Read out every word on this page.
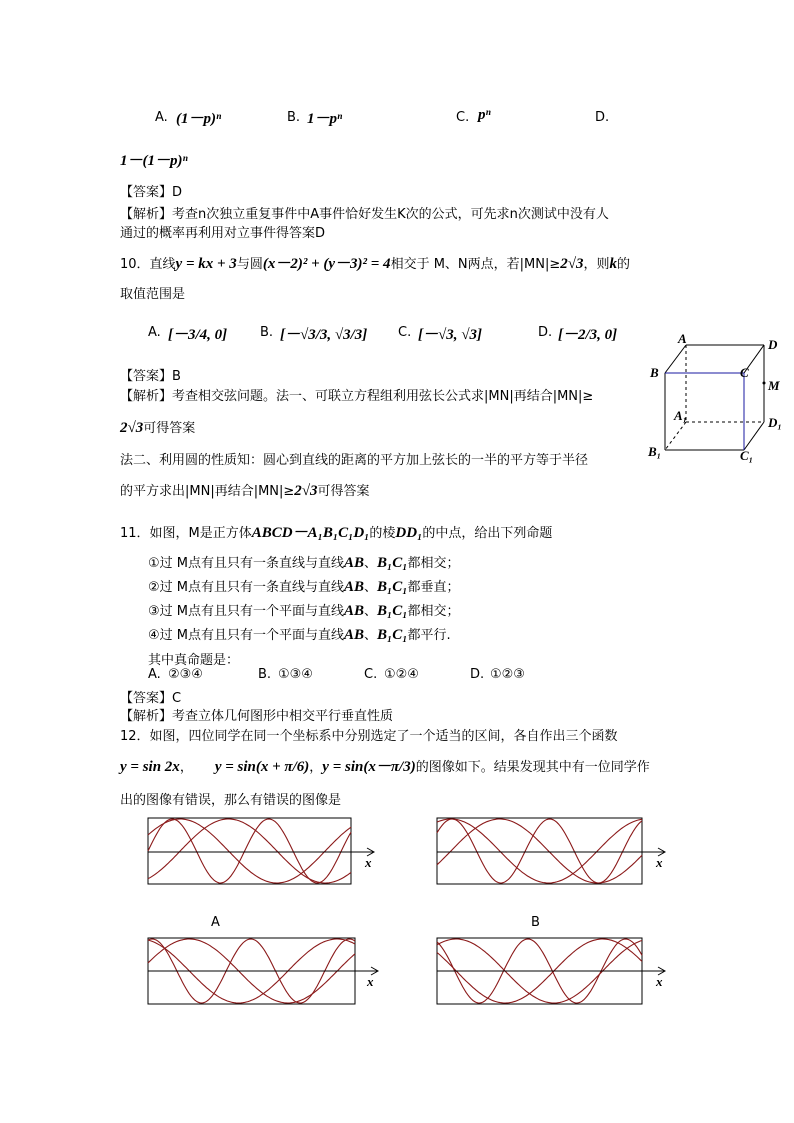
A. (1－p)ⁿ	B. 1－pⁿ	C. pⁿ	D.
1－(1－p)ⁿ
【答案】D
【解析】考查n次独立重复事件中A事件恰好发生K次的公式，可先求n次测试中没有人
通过的概率再利用对立事件得答案D
10．直线y = kx + 3与圆(x－2)² + (y－3)² = 4相交于 M、N两点，若|MN|≥2√3，则k的
取值范围是
A. [－3/4, 0]	B. [－√3/3, √3/3] C. [－√3, √3]	D. [－2/3, 0]
【答案】B
【解析】考查相交弦问题。法一、可联立方程组利用弦长公式求|MN|再结合|MN|≥
2√3可得答案
法二、利用圆的性质知：圆心到直线的距离的平方加上弦长的一半的平方等于半径
的平方求出|MN|再结合|MN|≥2√3可得答案
A	D
B	C
M
A₁	D₁
B₁	C₁
11．如图，M是正方体ABCD－A₁B₁C₁D₁的棱DD₁的中点，给出下列命题
①过 M点有且只有一条直线与直线AB、B₁C₁都相交；
②过 M点有且只有一条直线与直线AB、B₁C₁都垂直；
③过 M点有且只有一个平面与直线AB、B₁C₁都相交；
④过 M点有且只有一个平面与直线AB、B₁C₁都平行.
其中真命题是：
A. ②③④	B. ①③④	C. ①②④	D. ①②③
【答案】C
【解析】考查立体几何图形中相交平行垂直性质
12．如图，四位同学在同一个坐标系中分别选定了一个适当的区间，各自作出三个函数
y = sin 2x， y = sin(x + π/6)，y = sin(x－π/3)的图像如下。结果发现其中有一位同学作
出的图像有错误，那么有错误的图像是
x
A
x
B
x	x
